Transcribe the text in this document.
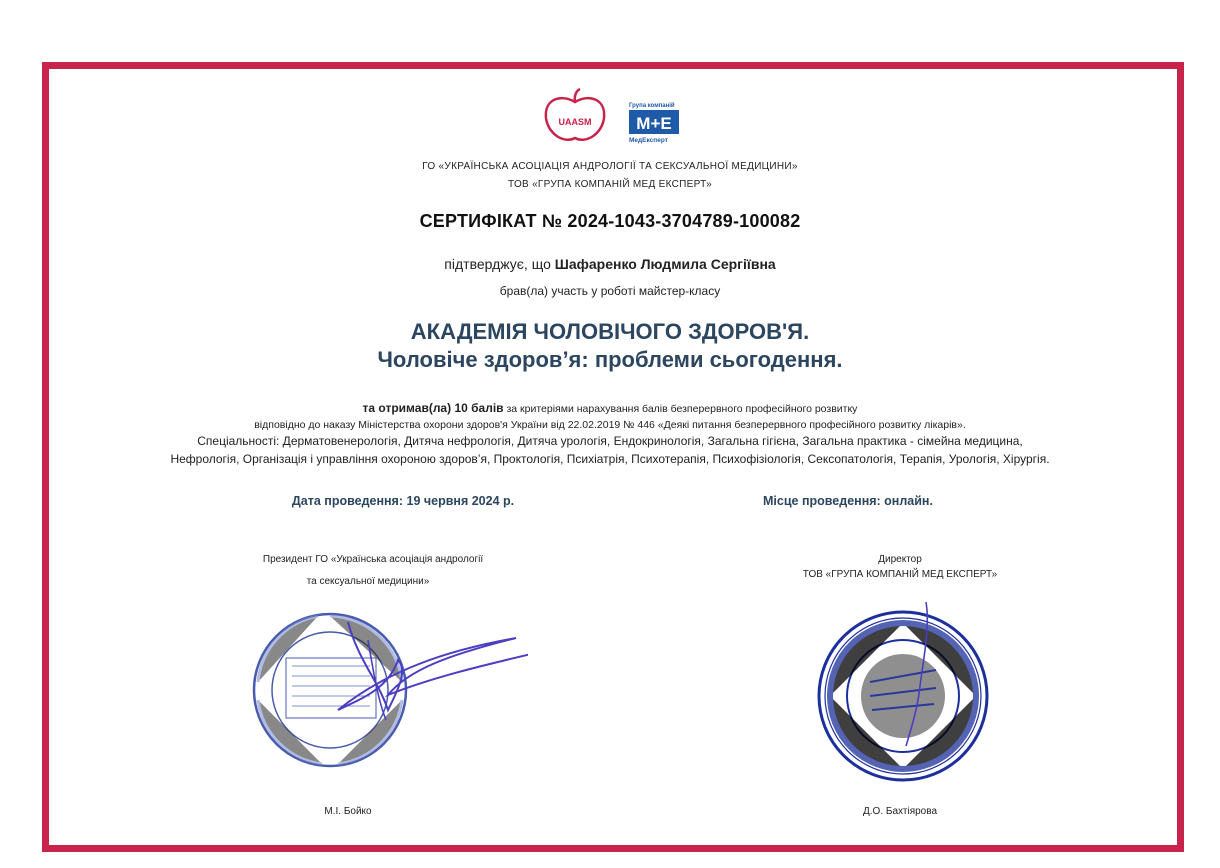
UAASM
Група компаній
М+Е
МедЕксперт
ГО «УКРАЇНСЬКА АСОЦІАЦІЯ АНДРОЛОГІЇ ТА СЕКСУАЛЬНОЇ МЕДИЦИНИ»
ТОВ «ГРУПА КОМПАНІЙ МЕД ЕКСПЕРТ»
СЕРТИФІКАТ № 2024-1043-3704789-100082
підтверджує, що Шафаренко Людмила Сергіївна
брав(ла) участь у роботі майстер-класу
АКАДЕМІЯ ЧОЛОВІЧОГО ЗДОРОВ'Я.
Чоловіче здоров’я: проблеми сьогодення.
та отримав(ла) 10 балів за критеріями нарахування балів безперервного професійного розвитку
відповідно до наказу Міністерства охорони здоров'я України від 22.02.2019 № 446 «Деякі питання безперервного професійного розвитку лікарів».
Спеціальності: Дерматовенерологія, Дитяча нефрологія, Дитяча урологія, Ендокринологія, Загальна гігієна, Загальна практика - сімейна медицина,
Нефрологія, Організація і управління охороною здоров’я, Проктологія, Психіатрія, Психотерапія, Психофізіологія, Сексопатологія, Терапія, Урологія, Хірургія.
Дата проведення: 19 червня 2024 р.	Місце проведення: онлайн.
Президент ГО «Українська асоціація андрології
та сексуальної медицини»
М.І. Бойко
Директор
ТОВ «ГРУПА КОМПАНІЙ МЕД ЕКСПЕРТ»
Д.О. Бахтіярова
